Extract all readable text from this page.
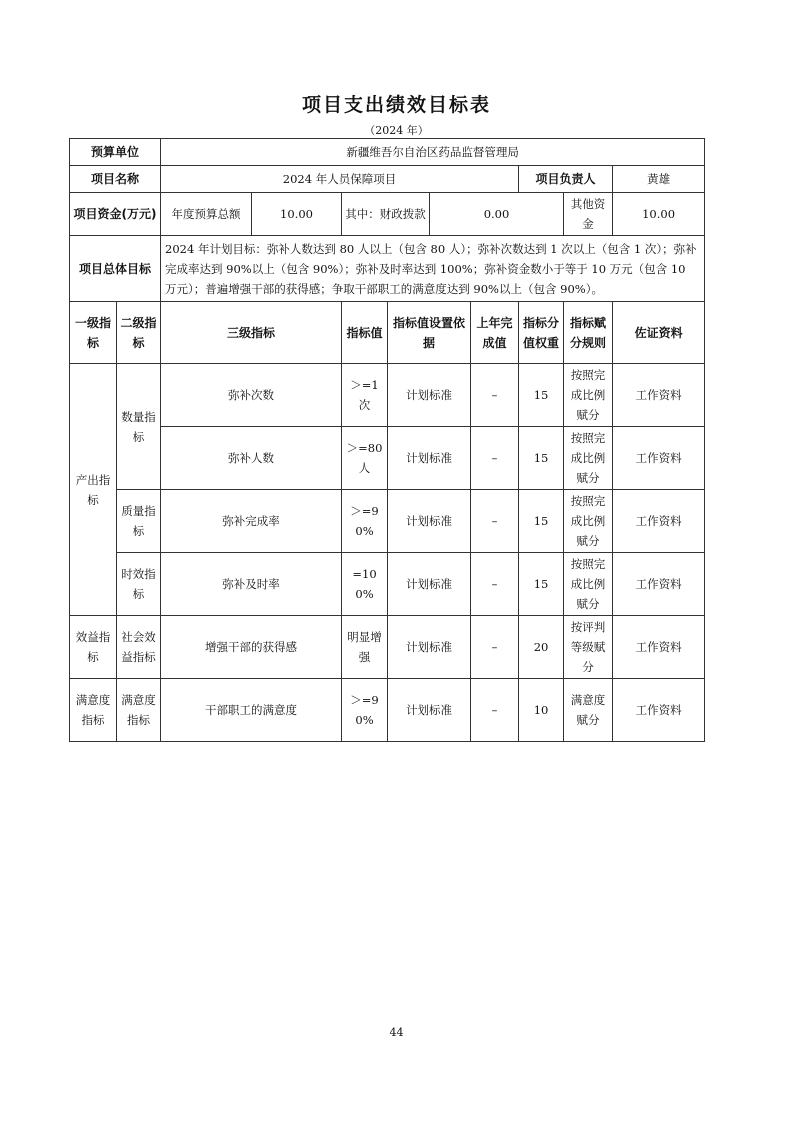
项目支出绩效目标表
（2024 年）
预算单位		新疆维吾尔自治区药品监督管理局								
项目名称		2024 年人员保障项目						项目负责人		黄雄
项目资金(万元)		年度预算总额	10.00	其中：财政拨款		0.00			其他资金	10.00
项目总体目标		2024 年计划目标：弥补人数达到 80 人以上（包含 80 人）；弥补次数达到 1 次以上（包含 1 次）；弥补完成率达到 90%以上（包含 90%）；弥补及时率达到 100%；弥补资金数小于等于 10 万元（包含 10 万元）；普遍增强干部的获得感；争取干部职工的满意度达到 90%以上（包含 90%）。								
一级指标	二级指标	三级指标		指标值	指标值设置依据		上年完成值	指标分值权重	指标赋分规则	佐证资料
产出指标	数量指标	弥补次数		＞=1次	计划标准		–	15	按照完成比例赋分	工作资料
		弥补人数		＞=80人	计划标准		–	15	按照完成比例赋分	工作资料
	质量指标	弥补完成率		＞=90%	计划标准		–	15	按照完成比例赋分	工作资料
	时效指标	弥补及时率		=100%	计划标准		–	15	按照完成比例赋分	工作资料
效益指标	社会效益指标	增强干部的获得感		明显增强	计划标准		–	20	按评判等级赋分	工作资料
满意度指标	满意度指标	干部职工的满意度		＞=90%	计划标准		–	10	满意度赋分	工作资料
44
